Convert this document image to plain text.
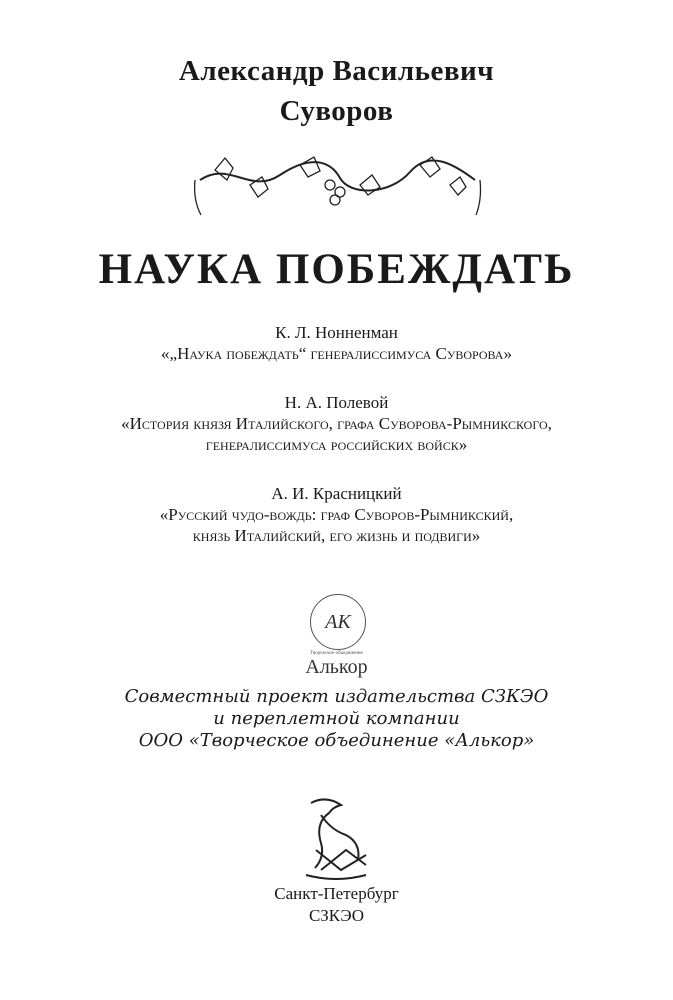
Александр Васильевич
Суворов
НАУКА ПОБЕЖДАТЬ
К. Л. Нонненман
«„Наука побеждать“ генералиссимуса Суворова»
Н. А. Полевой
«История князя Италийского, графа Суворова-Рымникского,
генералиссимуса российских войск»
А. И. Красницкий
«Русский чудо-вождь: граф Суворов-Рымникский,
князь Италийский, его жизнь и подвиги»
АК
Творческое объединение
Алькор
Совместный проект издательства СЗКЭО
и переплетной компании
ООО «Творческое объединение «Алькор»
Санкт-Петербург
СЗКЭО
